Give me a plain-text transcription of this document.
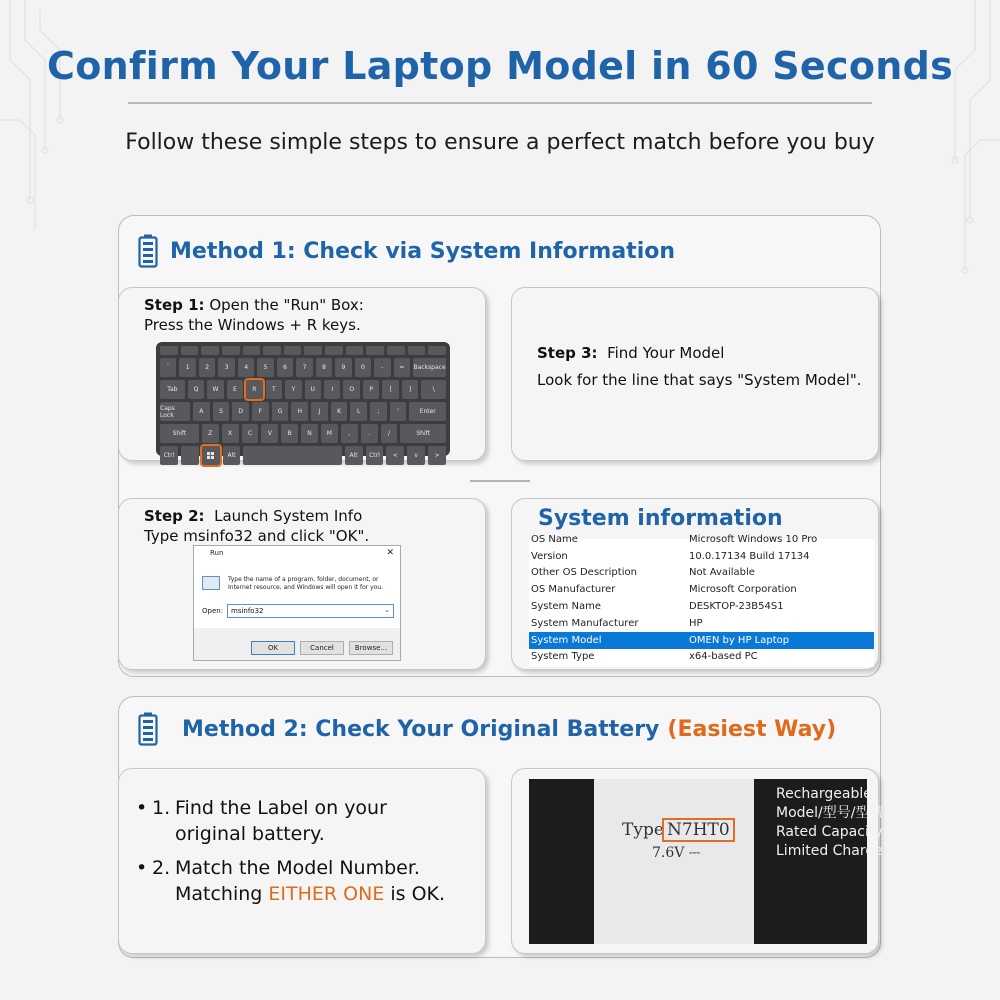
Confirm Your Laptop Model in 60 Seconds
Follow these simple steps to ensure a perfect match before you buy
Method 1: Check via System Information
Step 1: Open the "Run" Box:
Press the Windows + R keys.
`	1	2	3	4	5	6	7	8	9	0	-	=	Backspace
Tab	Q	W	E	R	T	Y	U	I	O	P	[	]	\
Caps Lock	A	S	D	F	G	H	J	K	L	;	'	Enter
Shift	Z	X	C	V	B	N	M	,	.	/	Shift
Ctrl	Alt	Alt	Ctrl	<	v	>
Step 3: Find Your Model
Look for the line that says "System Model".
Step 2: Launch System Info
Type msinfo32 and click "OK".
Run	✕
Type the name of a program, folder, document, or Internet resource, and Windows will open it for you.
Open:	msinfo32	⌄
OK	Cancel	Browse...
System information
OS Name	Microsoft Windows 10 Pro
Version	10.0.17134 Build 17134
Other OS Description	Not Available
OS Manufacturer	Microsoft Corporation
System Name	DESKTOP-23B54S1
System Manufacturer	HP
System Model	OMEN by HP Laptop
System Type	x64-based PC
Method 2: Check Your Original Battery (Easiest Way)
• 1. Find the Label on your
original battery.
• 2. Match the Model Number.
Matching EITHER ONE is OK.
Type N7HT0
7.6V ⎓
Rechargeable
Model/型号/型號
Rated Capacity
Limited Charge
